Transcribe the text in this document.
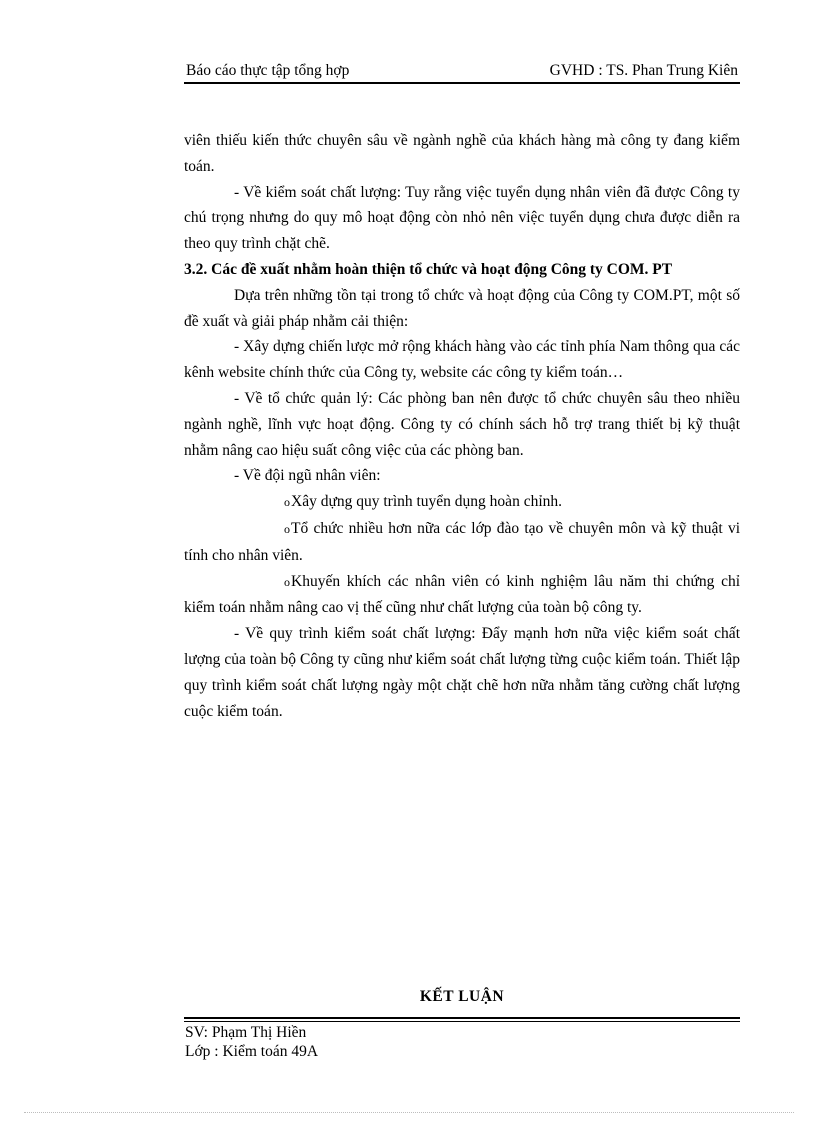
Báo cáo thực tập tổng hợp	GVHD : TS. Phan Trung Kiên

viên thiếu kiến thức chuyên sâu về ngành nghề của khách hàng mà công ty đang kiểm toán.

- Về kiểm soát chất lượng: Tuy rằng việc tuyển dụng nhân viên đã được Công ty chú trọng nhưng do quy mô hoạt động còn nhỏ nên việc tuyển dụng chưa được diễn ra theo quy trình chặt chẽ.

3.2. Các đề xuất nhằm hoàn thiện tổ chức và hoạt động Công ty COM. PT

Dựa trên những tồn tại trong tổ chức và hoạt động của Công ty COM.PT, một số đề xuất và giải pháp nhằm cải thiện:

- Xây dựng chiến lược mở rộng khách hàng vào các tỉnh phía Nam thông qua các kênh website chính thức của Công ty, website các công ty kiểm toán…

- Về tổ chức quản lý: Các phòng ban nên được tổ chức chuyên sâu theo nhiều ngành nghề, lĩnh vực hoạt động. Công ty có chính sách hỗ trợ trang thiết bị kỹ thuật nhằm nâng cao hiệu suất công việc của các phòng ban.

- Về đội ngũ nhân viên:

oXây dựng quy trình tuyển dụng hoàn chỉnh.

oTổ chức nhiều hơn nữa các lớp đào tạo về chuyên môn và kỹ thuật vi tính cho nhân viên.

oKhuyến khích các nhân viên có kinh nghiệm lâu năm thi chứng chỉ kiểm toán nhằm nâng cao vị thế cũng như chất lượng của toàn bộ công ty.

- Về quy trình kiểm soát chất lượng: Đẩy mạnh hơn nữa việc kiểm soát chất lượng của toàn bộ Công ty cũng như kiểm soát chất lượng từng cuộc kiểm toán. Thiết lập quy trình kiểm soát chất lượng ngày một chặt chẽ hơn nữa nhằm tăng cường chất lượng cuộc kiểm toán.

KẾT LUẬN
SV: Phạm Thị Hiền
Lớp : Kiểm toán 49A
